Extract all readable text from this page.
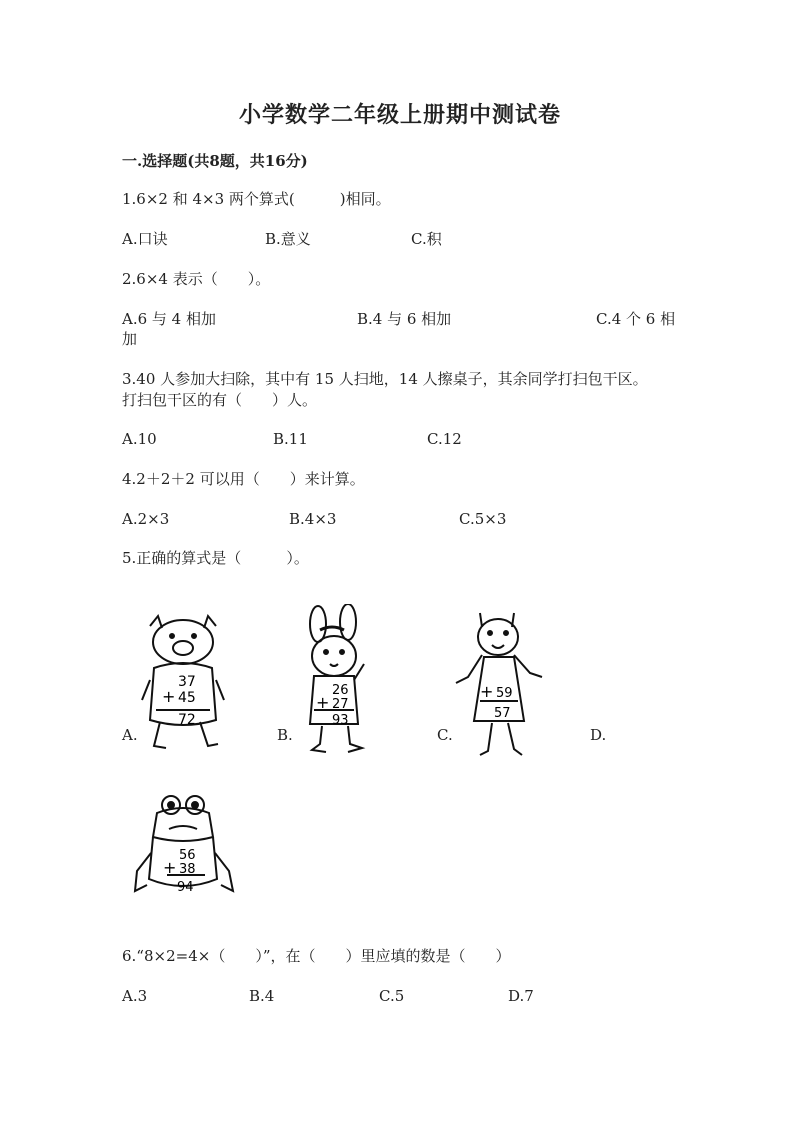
小学数学二年级上册期中测试卷
一.选择题(共8题，共16分)
1.6×2 和 4×3 两个算式(　　　)相同。
A.口诀	B.意义	C.积
2.6×4 表示（　　）。
A.6 与 4 相加	B.4 与 6 相加	C.4 个 6 相
加
3.40 人参加大扫除，其中有 15 人扫地，14 人擦桌子，其余同学打扫包干区。
打扫包干区的有（　　）人。
A.10	B.11	C.12
4.2＋2＋2 可以用（　　）来计算。
A.2×3	B.4×3	C.5×3
5.正确的算式是（　　　）。
37
+ 45
72
A.
26
+ 27
93
B.
+ 59
57
C.	D.
56
+ 38
94
6.“8×2=4×（　　）”，在（　　）里应填的数是（　　）
A.3	B.4	C.5	D.7
